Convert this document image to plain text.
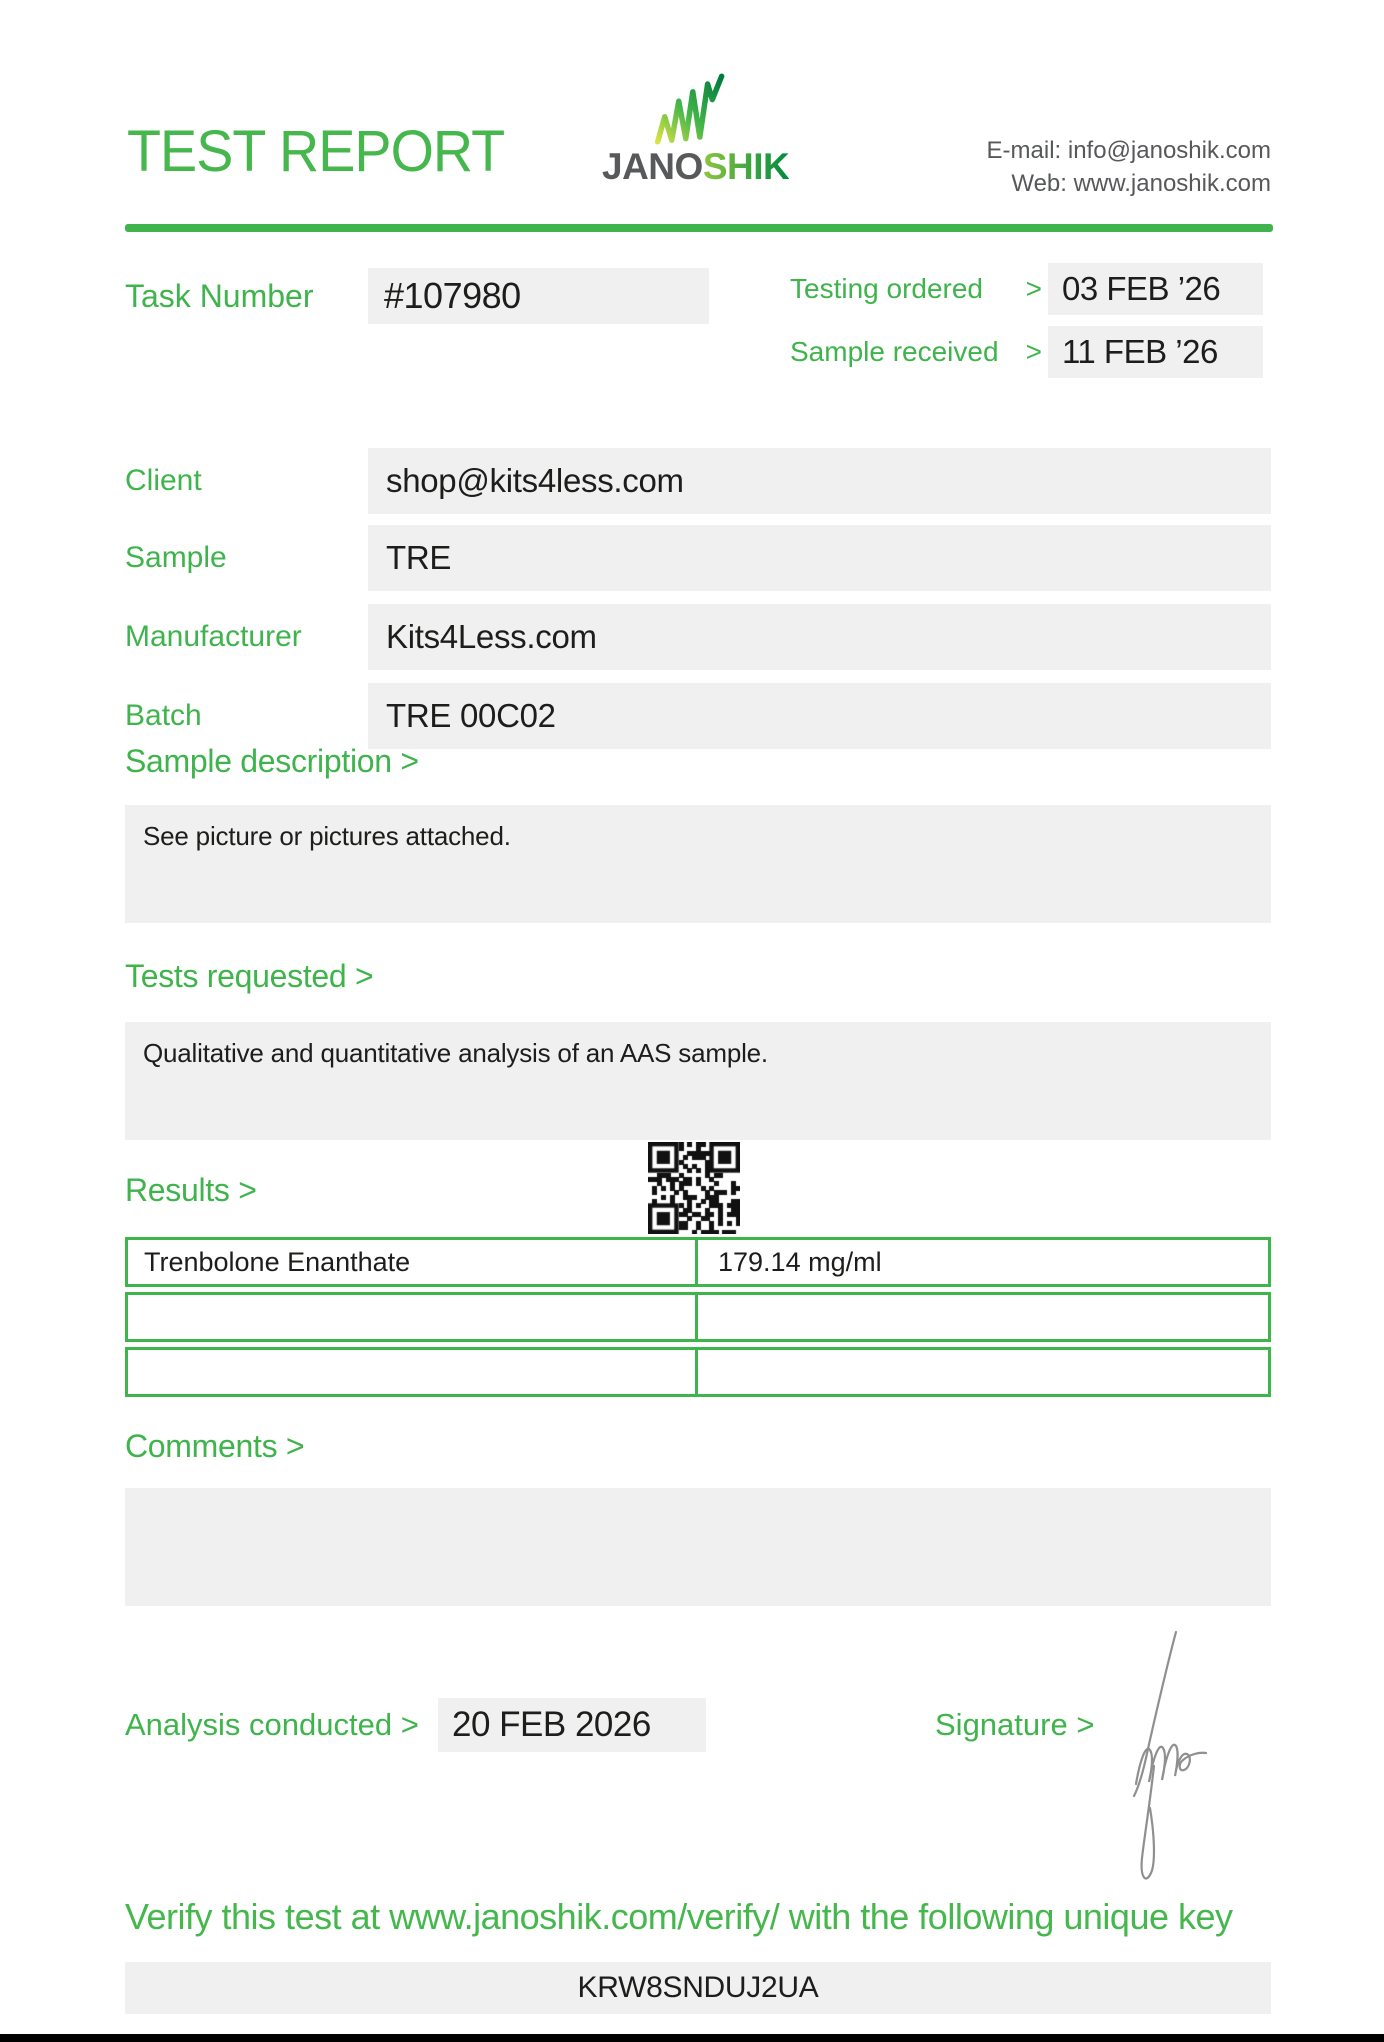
TEST REPORT	JANOSHIK	E-mail: info@janoshik.com
Web: www.janoshik.com
Task Number	#107980	Testing ordered > 03 FEB ’26
Sample received > 11 FEB ’26
Client	shop@kits4less.com
Sample	TRE
Manufacturer	Kits4Less.com
Batch	TRE 00C02
Sample description >
See picture or pictures attached.
Tests requested >
Qualitative and quantitative analysis of an AAS sample.
Results >
Trenbolone Enanthate	179.14 mg/ml
Comments >
Analysis conducted > 20 FEB 2026	Signature >
Verify this test at www.janoshik.com/verify/ with the following unique key
KRW8SNDUJ2UA
